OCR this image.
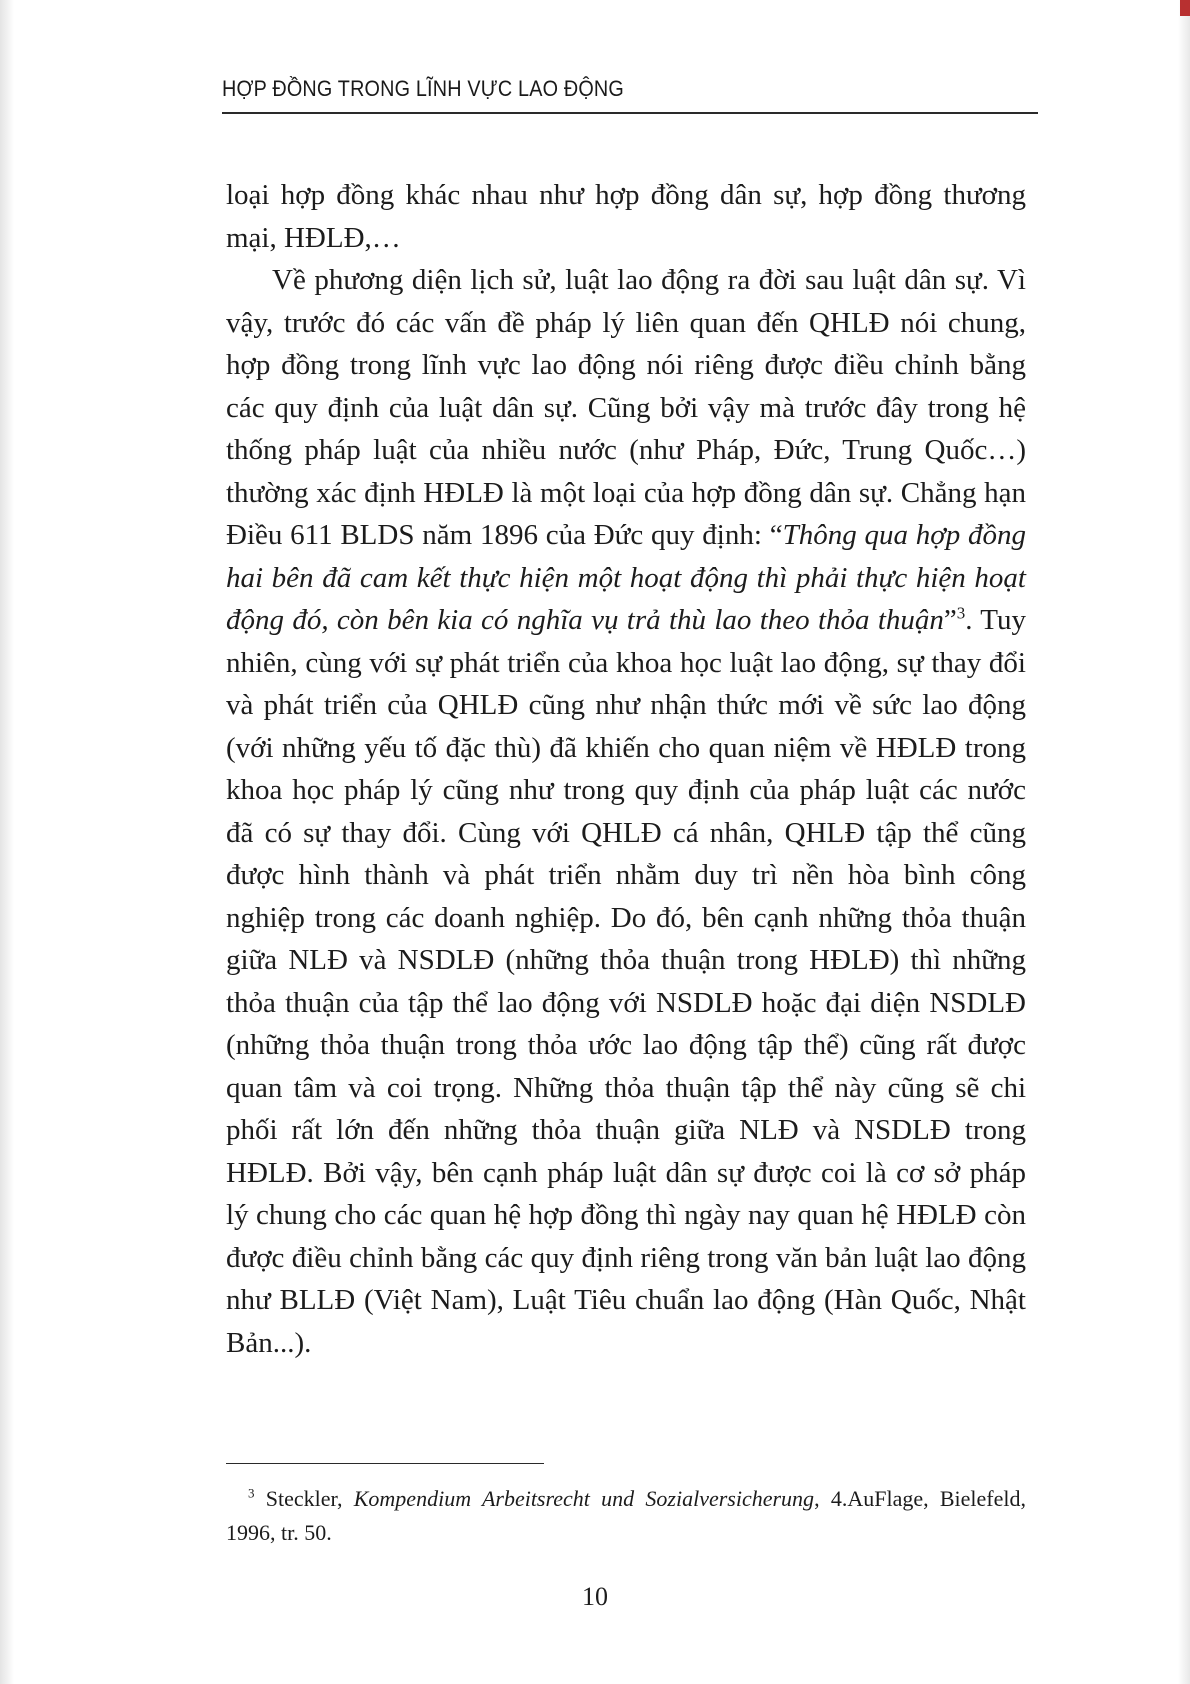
HỢP ĐỒNG TRONG LĨNH VỰC LAO ĐỘNG

loại hợp đồng khác nhau như hợp đồng dân sự, hợp đồng thương mại, HĐLĐ,…

Về phương diện lịch sử, luật lao động ra đời sau luật dân sự. Vì vậy, trước đó các vấn đề pháp lý liên quan đến QHLĐ nói chung, hợp đồng trong lĩnh vực lao động nói riêng được điều chỉnh bằng các quy định của luật dân sự. Cũng bởi vậy mà trước đây trong hệ thống pháp luật của nhiều nước (như Pháp, Đức, Trung Quốc…) thường xác định HĐLĐ là một loại của hợp đồng dân sự. Chẳng hạn Điều 611 BLDS năm 1896 của Đức quy định: “Thông qua hợp đồng hai bên đã cam kết thực hiện một hoạt động thì phải thực hiện hoạt động đó, còn bên kia có nghĩa vụ trả thù lao theo thỏa thuận”$^3$. Tuy nhiên, cùng với sự phát triển của khoa học luật lao động, sự thay đổi và phát triển của QHLĐ cũng như nhận thức mới về sức lao động (với những yếu tố đặc thù) đã khiến cho quan niệm về HĐLĐ trong khoa học pháp lý cũng như trong quy định của pháp luật các nước đã có sự thay đổi. Cùng với QHLĐ cá nhân, QHLĐ tập thể cũng được hình thành và phát triển nhằm duy trì nền hòa bình công nghiệp trong các doanh nghiệp. Do đó, bên cạnh những thỏa thuận giữa NLĐ và NSDLĐ (những thỏa thuận trong HĐLĐ) thì những thỏa thuận của tập thể lao động với NSDLĐ hoặc đại diện NSDLĐ (những thỏa thuận trong thỏa ước lao động tập thể) cũng rất được quan tâm và coi trọng. Những thỏa thuận tập thể này cũng sẽ chi phối rất lớn đến những thỏa thuận giữa NLĐ và NSDLĐ trong HĐLĐ. Bởi vậy, bên cạnh pháp luật dân sự được coi là cơ sở pháp lý chung cho các quan hệ hợp đồng thì ngày nay quan hệ HĐLĐ còn được điều chỉnh bằng các quy định riêng trong văn bản luật lao động như BLLĐ (Việt Nam), Luật Tiêu chuẩn lao động (Hàn Quốc, Nhật Bản...).

$^3$ Steckler, Kompendium Arbeitsrecht und Sozialversicherung, 4.AuFlage, Bielefeld, 1996, tr. 50.

10
